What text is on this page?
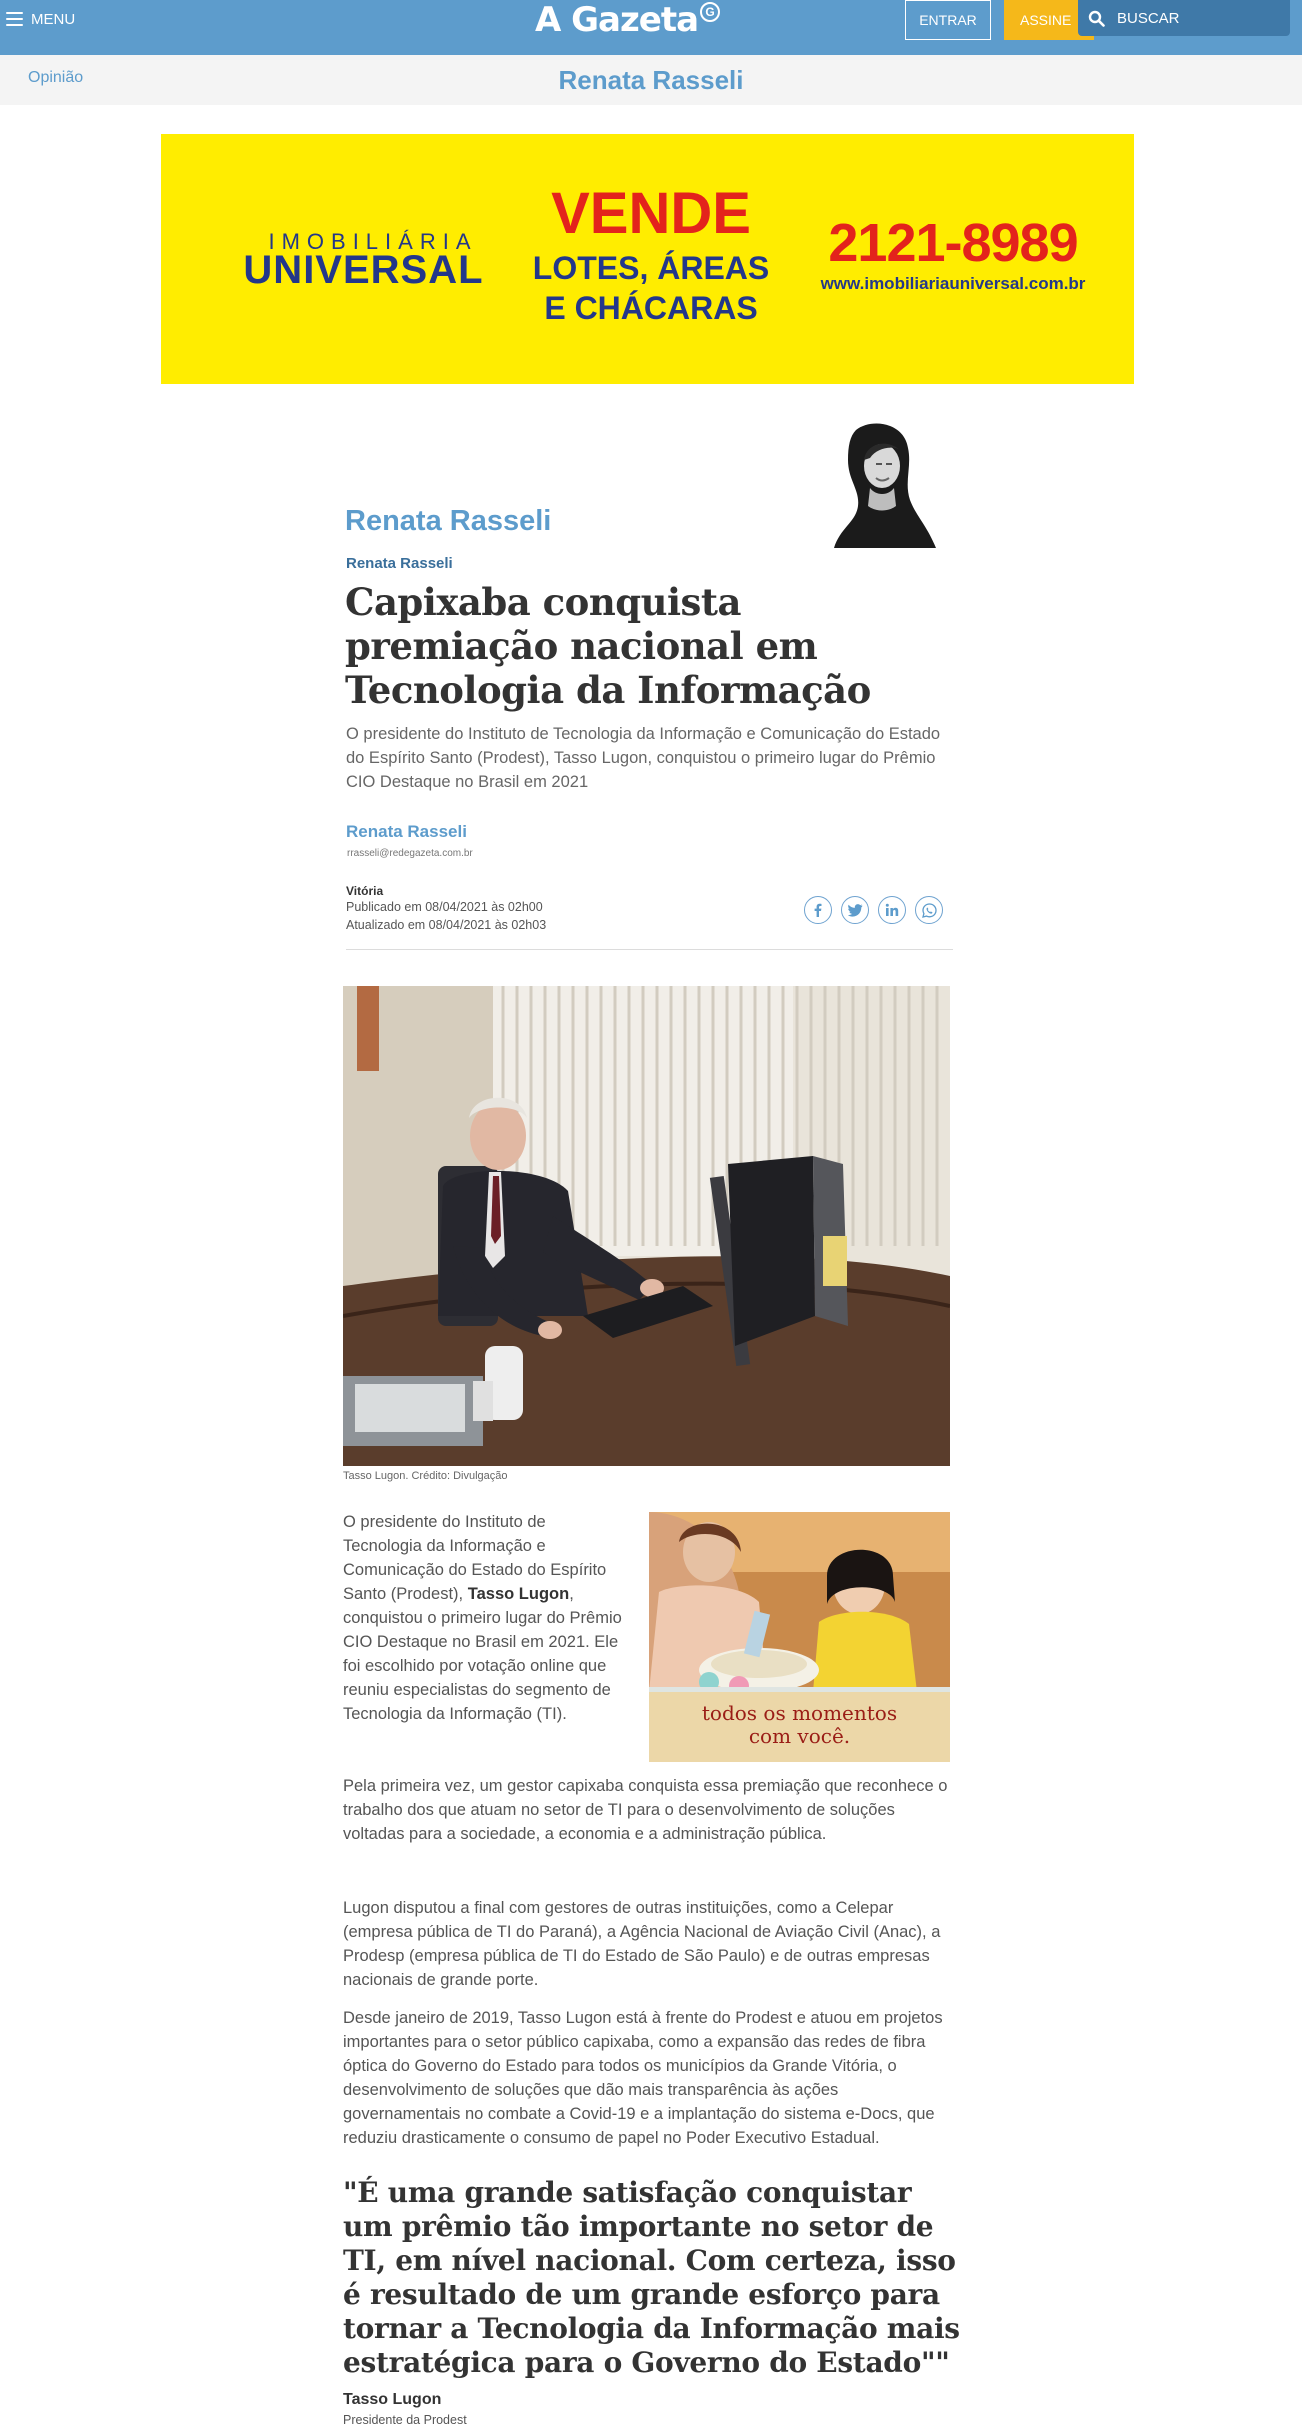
MENU	A Gazeta G	ENTRAR	ASSINE
BUSCAR
Opinião	Renata Rasseli
IMOBILIÁRIA
UNIVERSAL
VENDE
LOTES, ÁREAS
E CHÁCARAS
2121-8989
www.imobiliariauniversal.com.br
Renata Rasseli
Renata Rasseli
Capixaba conquista premiação nacional em Tecnologia da Informação

O presidente do Instituto de Tecnologia da Informação e Comunicação do Estado do Espírito Santo (Prodest), Tasso Lugon, conquistou o primeiro lugar do Prêmio CIO Destaque no Brasil em 2021

Renata Rasseli
rrasseli@redegazeta.com.br
Vitória
Publicado em 08/04/2021 às 02h00
Atualizado em 08/04/2021 às 02h03
Tasso Lugon. Crédito: Divulgação

O presidente do Instituto de Tecnologia da Informação e Comunicação do Estado do Espírito Santo (Prodest), Tasso Lugon, conquistou o primeiro lugar do Prêmio CIO Destaque no Brasil em 2021. Ele foi escolhido por votação online que reuniu especialistas do segmento de Tecnologia da Informação (TI).	todos os momentos
com você.

Pela primeira vez, um gestor capixaba conquista essa premiação que reconhece o trabalho dos que atuam no setor de TI para o desenvolvimento de soluções voltadas para a sociedade, a economia e a administração pública.

Lugon disputou a final com gestores de outras instituições, como a Celepar (empresa pública de TI do Paraná), a Agência Nacional de Aviação Civil (Anac), a Prodesp (empresa pública de TI do Estado de São Paulo) e de outras empresas nacionais de grande porte.

Desde janeiro de 2019, Tasso Lugon está à frente do Prodest e atuou em projetos importantes para o setor público capixaba, como a expansão das redes de fibra óptica do Governo do Estado para todos os municípios da Grande Vitória, o desenvolvimento de soluções que dão mais transparência às ações governamentais no combate a Covid-19 e a implantação do sistema e-Docs, que reduziu drasticamente o consumo de papel no Poder Executivo Estadual.

"É uma grande satisfação conquistar um prêmio tão importante no setor de TI, em nível nacional. Com certeza, isso é resultado de um grande esforço para tornar a Tecnologia da Informação mais estratégica para o Governo do Estado""
Tasso Lugon
Presidente da Prodest
